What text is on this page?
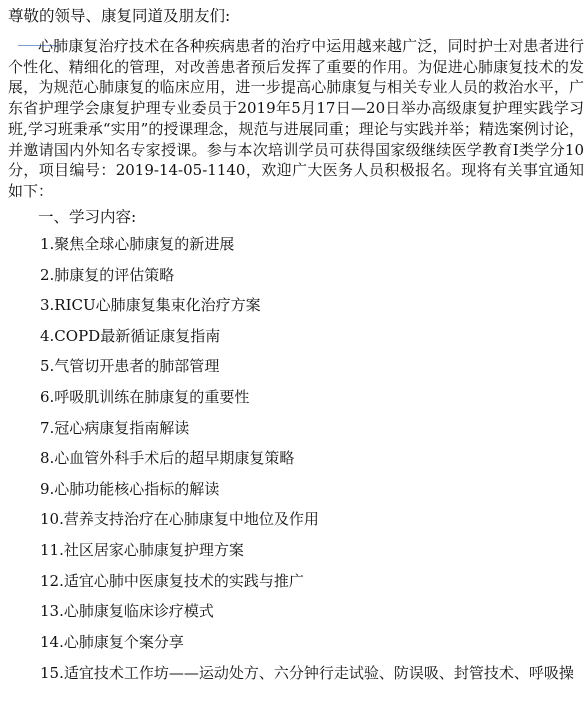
尊敬的领导、康复同道及朋友们:

心肺康复治疗技术在各种疾病患者的治疗中运用越来越广泛，同时护士对患者进行个性化、精细化的管理，对改善患者预后发挥了重要的作用。为促进心肺康复技术的发展，为规范心肺康复的临床应用，进一步提高心肺康复与相关专业人员的救治水平，广东省护理学会康复护理专业委员于2019年5月17日—20日举办高级康复护理实践学习班,学习班秉承“实用”的授课理念，规范与进展同重；理论与实践并举；精选案例讨论，并邀请国内外知名专家授课。参与本次培训学员可获得国家级继续医学教育I类学分10分，项目编号：2019-14-05-1140，欢迎广大医务人员积极报名。现将有关事宜通知如下：

一、学习内容:
1.聚焦全球心肺康复的新进展
2.肺康复的评估策略
3.RICU心肺康复集束化治疗方案
4.COPD最新循证康复指南
5.气管切开患者的肺部管理
6.呼吸肌训练在肺康复的重要性
7.冠心病康复指南解读
8.心血管外科手术后的超早期康复策略
9.心肺功能核心指标的解读
10.营养支持治疗在心肺康复中地位及作用
11.社区居家心肺康复护理方案
12.适宜心肺中医康复技术的实践与推广
13.心肺康复临床诊疗模式
14.心肺康复个案分享

15.适宜技术工作坊——运动处方、六分钟行走试验、防误吸、封管技术、呼吸操
